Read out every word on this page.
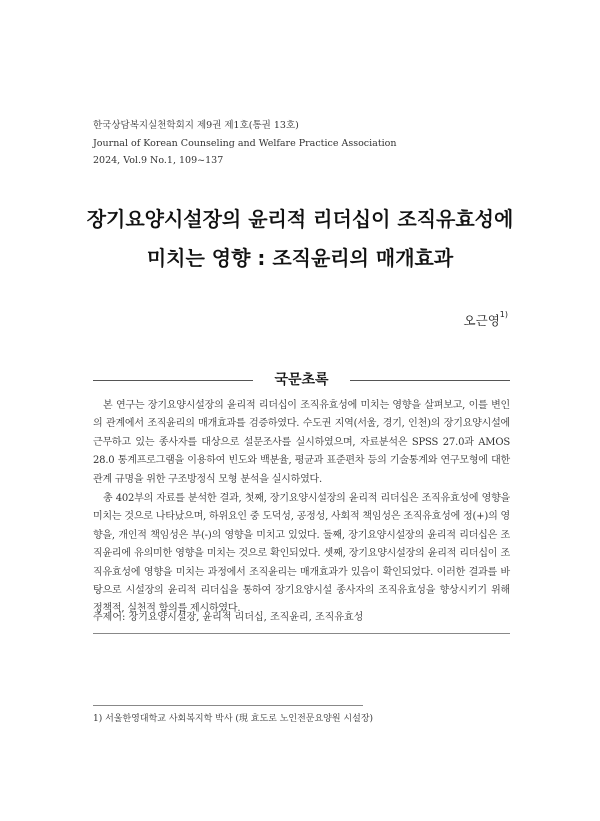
한국상담복지실천학회지 제9권 제1호(통권 13호)
Journal of Korean Counseling and Welfare Practice Association
2024, Vol.9 No.1, 109~137
장기요양시설장의 윤리적 리더십이 조직유효성에
미치는 영향 : 조직윤리의 매개효과
오근영$^{1)}$
국문초록

본 연구는 장기요양시설장의 윤리적 리더십이 조직유효성에 미치는 영향을 살펴보고, 이를 변인의 관계에서 조직윤리의 매개효과를 검증하였다. 수도권 지역(서울, 경기, 인천)의 장기요양시설에 근무하고 있는 종사자를 대상으로 설문조사를 실시하였으며, 자료분석은 SPSS 27.0과 AMOS 28.0 통계프로그램을 이용하여 빈도와 백분율, 평균과 표준편차 등의 기술통계와 연구모형에 대한 관계 규명을 위한 구조방정식 모형 분석을 실시하였다.

총 402부의 자료를 분석한 결과, 첫째, 장기요양시설장의 윤리적 리더십은 조직유효성에 영향을 미치는 것으로 나타났으며, 하위요인 중 도덕성, 공정성, 사회적 책임성은 조직유효성에 정(+)의 영향을, 개인적 책임성은 부(-)의 영향을 미치고 있었다. 둘째, 장기요양시설장의 윤리적 리더십은 조직윤리에 유의미한 영향을 미치는 것으로 확인되었다. 셋째, 장기요양시설장의 윤리적 리더십이 조직유효성에 영향을 미치는 과정에서 조직윤리는 매개효과가 있음이 확인되었다. 이러한 결과를 바탕으로 시설장의 윤리적 리더십을 통하여 장기요양시설 종사자의 조직유효성을 향상시키기 위해 정책적, 실천적 함의를 제시하였다.

주제어: 장기요양시설장, 윤리적 리더십, 조직윤리, 조직유효성
1) 서울한영대학교 사회복지학 박사 (現 효도로 노인전문요양원 시설장)
